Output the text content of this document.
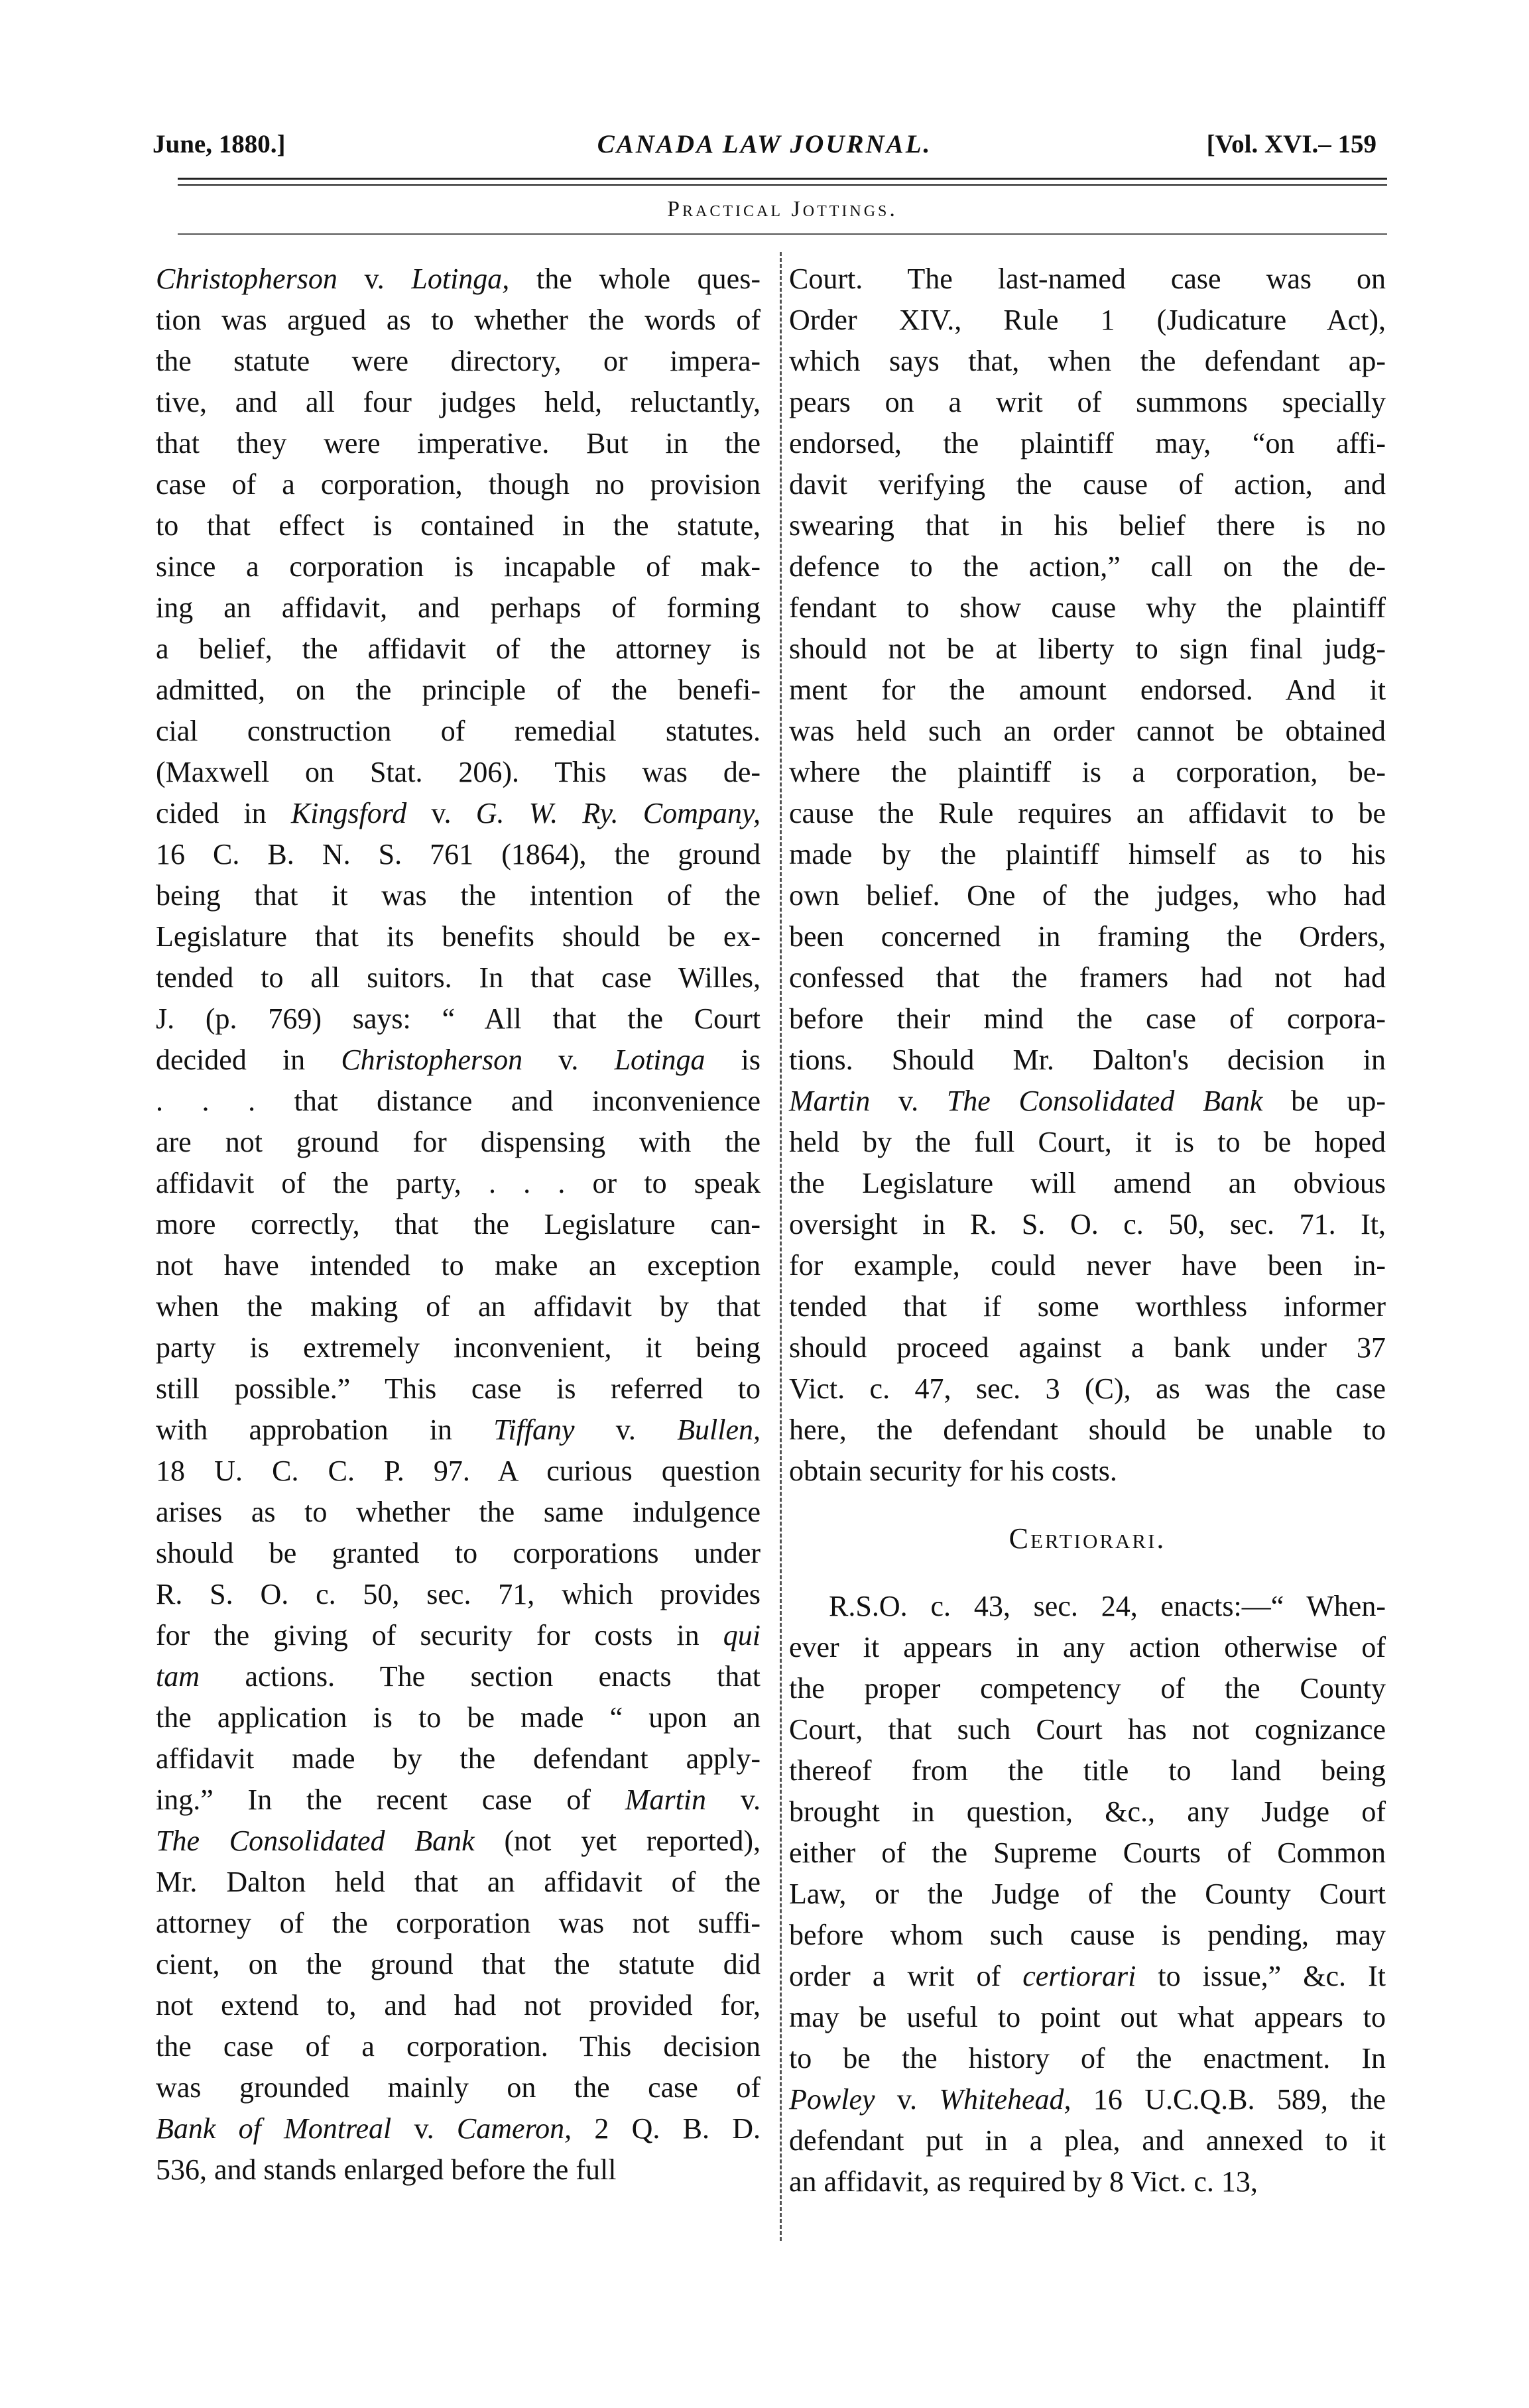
June, 1880.]	CANADA LAW JOURNAL.	[Vol. XVI.– 159
Practical Jottings.
Christopherson v. Lotinga, the whole ques-
tion was argued as to whether the words of
the statute were directory, or impera-
tive, and all four judges held, reluctantly,
that they were imperative. But in the
case of a corporation, though no provision
to that effect is contained in the statute,
since a corporation is incapable of mak-
ing an affidavit, and perhaps of forming
a belief, the affidavit of the attorney is
admitted, on the principle of the benefi-
cial construction of remedial statutes.
(Maxwell on Stat. 206). This was de-
cided in Kingsford v. G. W. Ry. Company,
16 C. B. N. S. 761 (1864), the ground
being that it was the intention of the
Legislature that its benefits should be ex-
tended to all suitors. In that case Willes,
J. (p. 769) says: “ All that the Court
decided in Christopherson v. Lotinga is
. . . that distance and inconvenience
are not ground for dispensing with the
affidavit of the party, . . . or to speak
more correctly, that the Legislature can-
not have intended to make an exception
when the making of an affidavit by that
party is extremely inconvenient, it being
still possible.” This case is referred to
with approbation in Tiffany v. Bullen,
18 U. C. C. P. 97. A curious question
arises as to whether the same indulgence
should be granted to corporations under
R. S. O. c. 50, sec. 71, which provides
for the giving of security for costs in qui
tam actions. The section enacts that
the application is to be made “ upon an
affidavit made by the defendant apply-
ing.” In the recent case of Martin v.
The Consolidated Bank (not yet reported),
Mr. Dalton held that an affidavit of the
attorney of the corporation was not suffi-
cient, on the ground that the statute did
not extend to, and had not provided for,
the case of a corporation. This decision
was grounded mainly on the case of
Bank of Montreal v. Cameron, 2 Q. B. D.
536, and stands enlarged before the full
Court. The last-named case was on
Order XIV., Rule 1 (Judicature Act),
which says that, when the defendant ap-
pears on a writ of summons specially
endorsed, the plaintiff may, “on affi-
davit verifying the cause of action, and
swearing that in his belief there is no
defence to the action,” call on the de-
fendant to show cause why the plaintiff
should not be at liberty to sign final judg-
ment for the amount endorsed. And it
was held such an order cannot be obtained
where the plaintiff is a corporation, be-
cause the Rule requires an affidavit to be
made by the plaintiff himself as to his
own belief. One of the judges, who had
been concerned in framing the Orders,
confessed that the framers had not had
before their mind the case of corpora-
tions. Should Mr. Dalton's decision in
Martin v. The Consolidated Bank be up-
held by the full Court, it is to be hoped
the Legislature will amend an obvious
oversight in R. S. O. c. 50, sec. 71. It,
for example, could never have been in-
tended that if some worthless informer
should proceed against a bank under 37
Vict. c. 47, sec. 3 (C), as was the case
here, the defendant should be unable to
obtain security for his costs.
Certiorari.
R.S.O. c. 43, sec. 24, enacts:—“ When-
ever it appears in any action otherwise of
the proper competency of the County
Court, that such Court has not cognizance
thereof from the title to land being
brought in question, &c., any Judge of
either of the Supreme Courts of Common
Law, or the Judge of the County Court
before whom such cause is pending, may
order a writ of certiorari to issue,” &c. It
may be useful to point out what appears to
to be the history of the enactment. In
Powley v. Whitehead, 16 U.C.Q.B. 589, the
defendant put in a plea, and annexed to it
an affidavit, as required by 8 Vict. c. 13,
